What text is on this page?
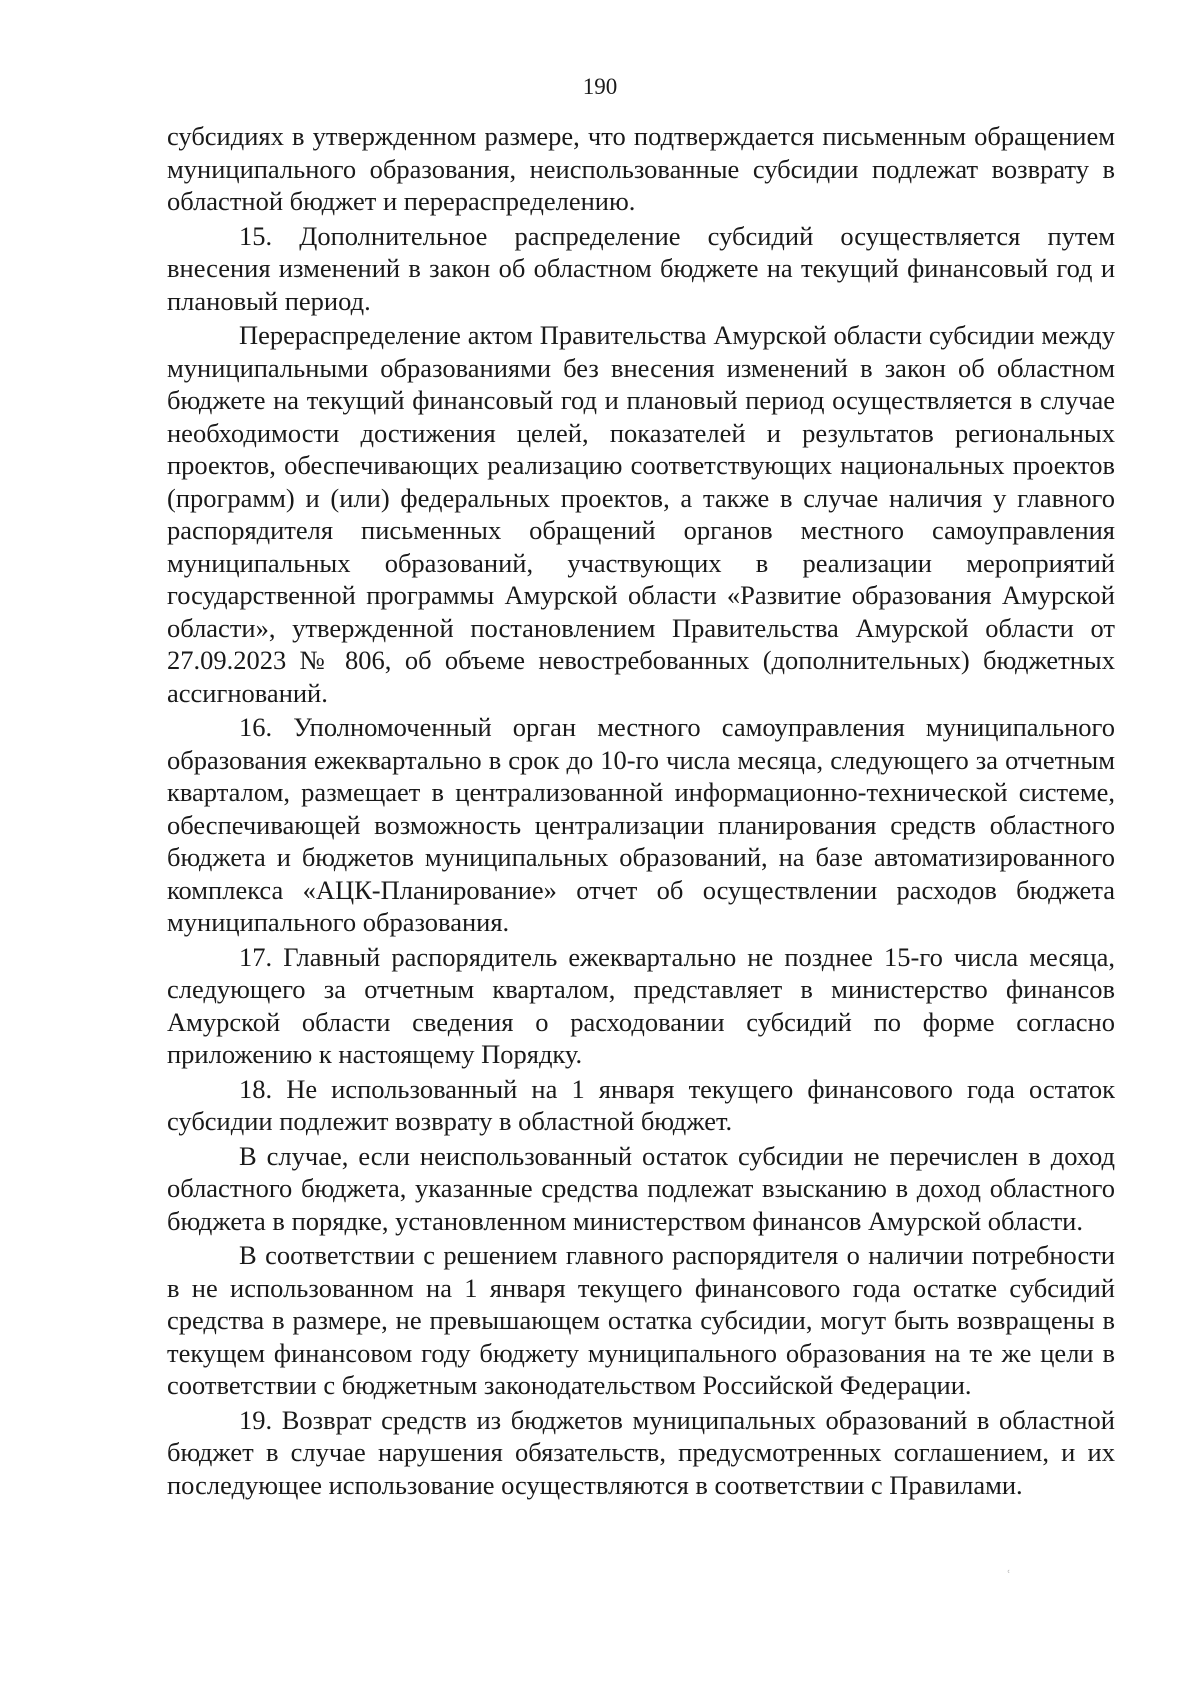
190

субсидиях в утвержденном размере, что подтверждается письменным обращением муниципального образования, неиспользованные субсидии подлежат возврату в областной бюджет и перераспределению.

15. Дополнительное распределение субсидий осуществляется путем внесения изменений в закон об областном бюджете на текущий финансовый год и плановый период.

Перераспределение актом Правительства Амурской области субсидии между муниципальными образованиями без внесения изменений в закон об областном бюджете на текущий финансовый год и плановый период осуществляется в случае необходимости достижения целей, показателей и результатов региональных проектов, обеспечивающих реализацию соответствующих национальных проектов (программ) и (или) федеральных проектов, а также в случае наличия у главного распорядителя письменных обращений органов местного самоуправления муниципальных образований, участвующих в реализации мероприятий государственной программы Амурской области «Развитие образования Амурской области», утвержденной постановлением Правительства Амурской области от 27.09.2023 № 806, об объеме невостребованных (дополнительных) бюджетных ассигнований.

16. Уполномоченный орган местного самоуправления муниципального образования ежеквартально в срок до 10-го числа месяца, следующего за отчетным кварталом, размещает в централизованной информационно-технической системе, обеспечивающей возможность централизации планирования средств областного бюджета и бюджетов муниципальных образований, на базе автоматизированного комплекса «АЦК-Планирование» отчет об осуществлении расходов бюджета муниципального образования.

17. Главный распорядитель ежеквартально не позднее 15-го числа месяца, следующего за отчетным кварталом, представляет в министерство финансов Амурской области сведения о расходовании субсидий по форме согласно приложению к настоящему Порядку.

18. Не использованный на 1 января текущего финансового года остаток субсидии подлежит возврату в областной бюджет.

В случае, если неиспользованный остаток субсидии не перечислен в доход областного бюджета, указанные средства подлежат взысканию в доход областного бюджета в порядке, установленном министерством финансов Амурской области.

В соответствии с решением главного распорядителя о наличии потребности в не использованном на 1 января текущего финансового года остатке субсидий средства в размере, не превышающем остатка субсидии, могут быть возвращены в текущем финансовом году бюджету муниципального образования на те же цели в соответствии с бюджетным законодательством Российской Федерации.

19. Возврат средств из бюджетов муниципальных образований в областной бюджет в случае нарушения обязательств, предусмотренных соглашением, и их последующее использование осуществляются в соответствии с Правилами.

ʿ
